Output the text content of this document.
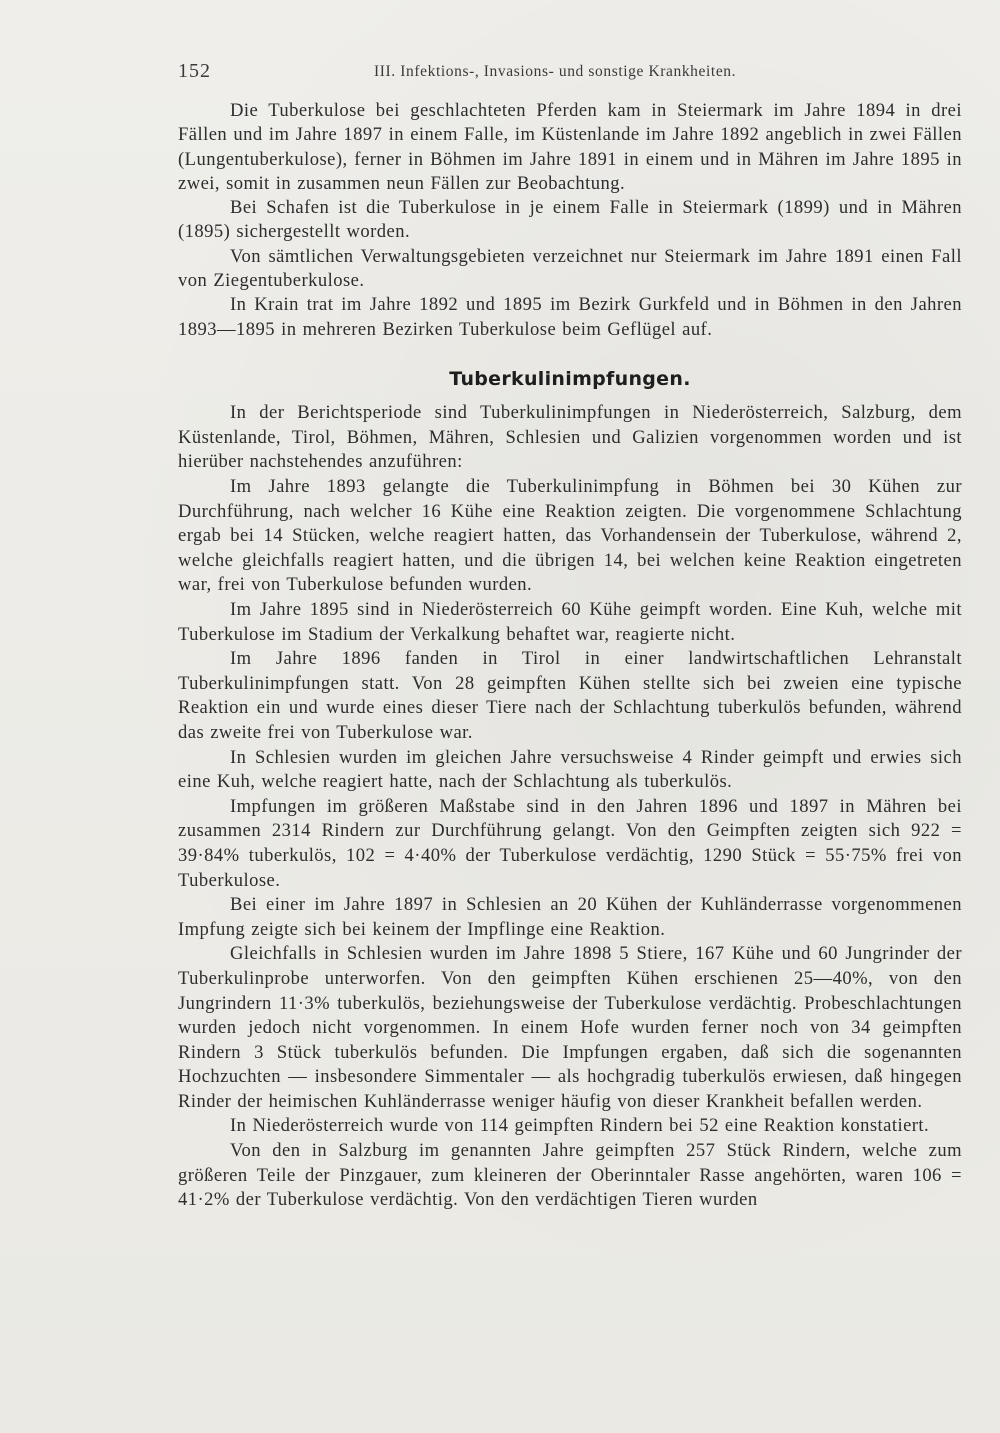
152	III. Infektions-, Invasions- und sonstige Krankheiten.

Die Tuberkulose bei geschlachteten Pferden kam in Steiermark im Jahre 1894 in drei Fällen und im Jahre 1897 in einem Falle, im Küstenlande im Jahre 1892 angeblich in zwei Fällen (Lungentuberkulose), ferner in Böhmen im Jahre 1891 in einem und in Mähren im Jahre 1895 in zwei, somit in zusammen neun Fällen zur Beobachtung.

Bei Schafen ist die Tuberkulose in je einem Falle in Steiermark (1899) und in Mähren (1895) sichergestellt worden.

Von sämtlichen Verwaltungsgebieten verzeichnet nur Steiermark im Jahre 1891 einen Fall von Ziegentuberkulose.

In Krain trat im Jahre 1892 und 1895 im Bezirk Gurkfeld und in Böhmen in den Jahren 1893—1895 in mehreren Bezirken Tuberkulose beim Geflügel auf.

Tuberkulinimpfungen.

In der Berichtsperiode sind Tuberkulinimpfungen in Niederösterreich, Salzburg, dem Küstenlande, Tirol, Böhmen, Mähren, Schlesien und Galizien vorgenommen worden und ist hierüber nachstehendes anzuführen:

Im Jahre 1893 gelangte die Tuberkulinimpfung in Böhmen bei 30 Kühen zur Durchführung, nach welcher 16 Kühe eine Reaktion zeigten. Die vorgenommene Schlachtung ergab bei 14 Stücken, welche reagiert hatten, das Vorhandensein der Tuberkulose, während 2, welche gleichfalls reagiert hatten, und die übrigen 14, bei welchen keine Reaktion eingetreten war, frei von Tuberkulose befunden wurden.

Im Jahre 1895 sind in Niederösterreich 60 Kühe geimpft worden. Eine Kuh, welche mit Tuberkulose im Stadium der Verkalkung behaftet war, reagierte nicht.

Im Jahre 1896 fanden in Tirol in einer landwirtschaftlichen Lehranstalt Tuberkulinimpfungen statt. Von 28 geimpften Kühen stellte sich bei zweien eine typische Reaktion ein und wurde eines dieser Tiere nach der Schlachtung tuberkulös befunden, während das zweite frei von Tuberkulose war.

In Schlesien wurden im gleichen Jahre versuchsweise 4 Rinder geimpft und erwies sich eine Kuh, welche reagiert hatte, nach der Schlachtung als tuberkulös.

Impfungen im größeren Maßstabe sind in den Jahren 1896 und 1897 in Mähren bei zusammen 2314 Rindern zur Durchführung gelangt. Von den Geimpften zeigten sich 922 = 39·84% tuberkulös, 102 = 4·40% der Tuberkulose verdächtig, 1290 Stück = 55·75% frei von Tuberkulose.

Bei einer im Jahre 1897 in Schlesien an 20 Kühen der Kuhländerrasse vorgenommenen Impfung zeigte sich bei keinem der Impflinge eine Reaktion.

Gleichfalls in Schlesien wurden im Jahre 1898 5 Stiere, 167 Kühe und 60 Jungrinder der Tuberkulinprobe unterworfen. Von den geimpften Kühen erschienen 25—40%, von den Jungrindern 11·3% tuberkulös, beziehungsweise der Tuberkulose verdächtig. Probeschlachtungen wurden jedoch nicht vorgenommen. In einem Hofe wurden ferner noch von 34 geimpften Rindern 3 Stück tuberkulös befunden. Die Impfungen ergaben, daß sich die sogenannten Hochzuchten — insbesondere Simmentaler — als hochgradig tuberkulös erwiesen, daß hingegen Rinder der heimischen Kuhländerrasse weniger häufig von dieser Krankheit befallen werden.

In Niederösterreich wurde von 114 geimpften Rindern bei 52 eine Reaktion konstatiert.

Von den in Salzburg im genannten Jahre geimpften 257 Stück Rindern, welche zum größeren Teile der Pinzgauer, zum kleineren der Oberinntaler Rasse angehörten, waren 106 = 41·2% der Tuberkulose verdächtig. Von den verdächtigen Tieren wurden
